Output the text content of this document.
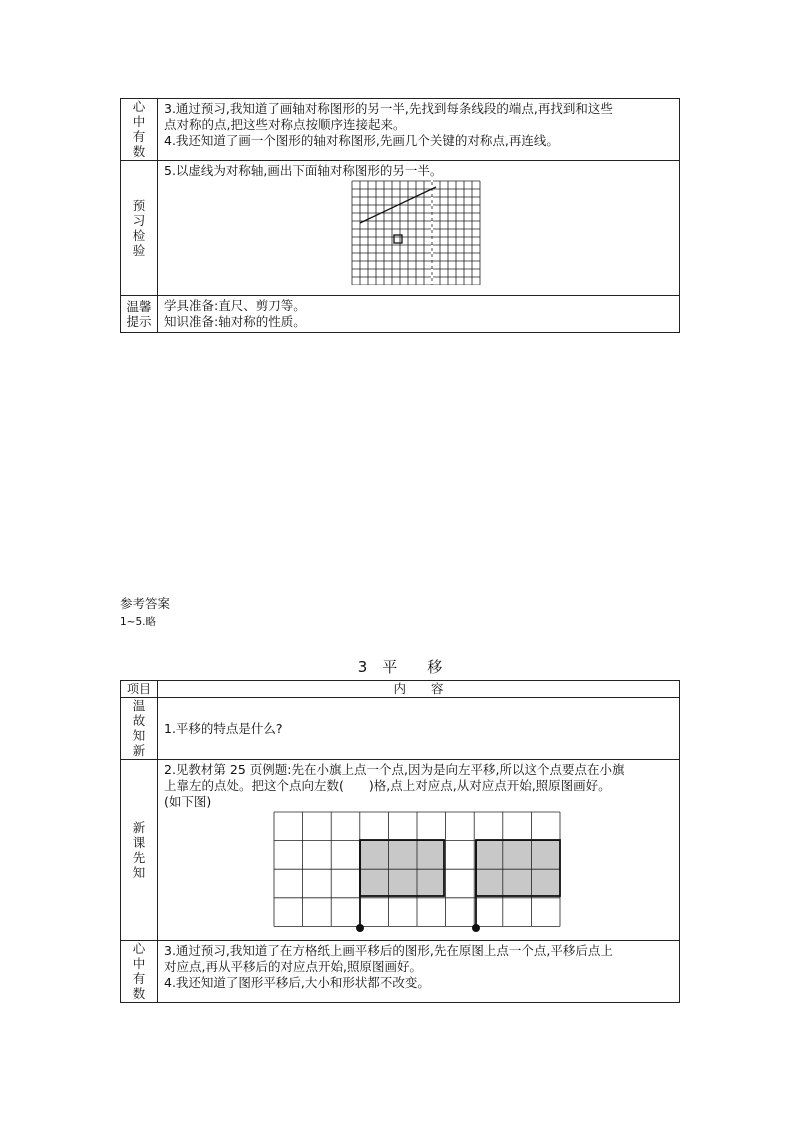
心中有数	3.通过预习,我知道了画轴对称图形的另一半,先找到每条线段的端点,再找到和这些
点对称的点,把这些对称点按顺序连接起来。
4.我还知道了画一个图形的轴对称图形,先画几个关键的对称点,再连线。

预习检验	5.以虚线为对称轴,画出下面轴对称图形的另一半。

温馨提示	学具准备:直尺、剪刀等。
知识准备:轴对称的性质。
参考答案
1~5.略
3　平　　移
项目	内　　容
温故知新	1.平移的特点是什么?

新课先知	2.见教材第 25 页例题:先在小旗上点一个点,因为是向左平移,所以这个点要点在小旗
上靠左的点处。把这个点向左数(　　)格,点上对应点,从对应点开始,照原图画好。
(如下图)

心中有数	3.通过预习,我知道了在方格纸上画平移后的图形,先在原图上点一个点,平移后点上
对应点,再从平移后的对应点开始,照原图画好。
4.我还知道了图形平移后,大小和形状都不改变。
